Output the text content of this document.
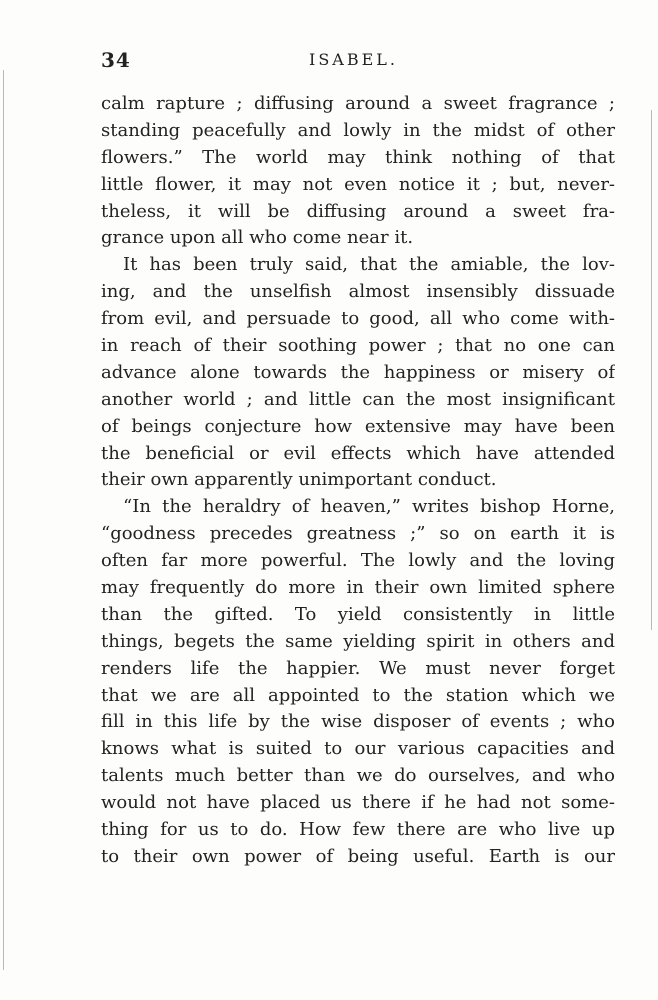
34	ISABEL.
calm rapture ; diffusing around a sweet fragrance ;
standing peacefully and lowly in the midst of other
flowers.” The world may think nothing of that
little flower, it may not even notice it ; but, never-
theless, it will be diffusing around a sweet fra-
grance upon all who come near it.
It has been truly said, that the amiable, the lov-
ing, and the unselfish almost insensibly dissuade
from evil, and persuade to good, all who come with-
in reach of their soothing power ; that no one can
advance alone towards the happiness or misery of
another world ; and little can the most insignificant
of beings conjecture how extensive may have been
the beneficial or evil effects which have attended
their own apparently unimportant conduct.
“In the heraldry of heaven,” writes bishop Horne,
“goodness precedes greatness ;” so on earth it is
often far more powerful. The lowly and the loving
may frequently do more in their own limited sphere
than the gifted. To yield consistently in little
things, begets the same yielding spirit in others and
renders life the happier. We must never forget
that we are all appointed to the station which we
fill in this life by the wise disposer of events ; who
knows what is suited to our various capacities and
talents much better than we do ourselves, and who
would not have placed us there if he had not some-
thing for us to do. How few there are who live up
to their own power of being useful. Earth is our
